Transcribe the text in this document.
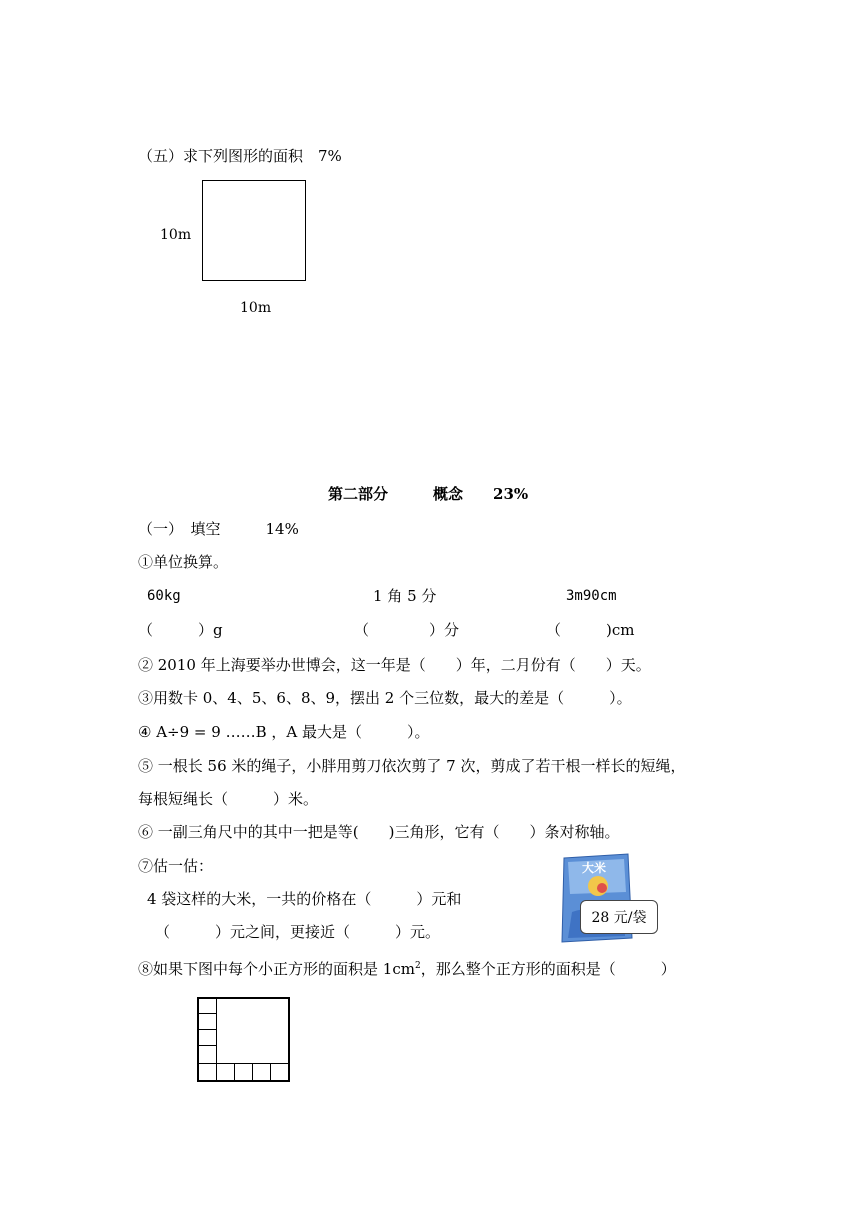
（五）求下列图形的面积　7%
10m
10m
第二部分　　　概念　　23%
（一）　填空　　　14%
①单位换算。
60kg	1 角 5 分	3m90cm
（　　　）g	（　　　　）分	（　　　)cm
② 2010 年上海要举办世博会，这一年是（　　）年，二月份有（　　）天。
③用数卡 0、4、5、6、8、9，摆出 2 个三位数，最大的差是（　　　）。
④ A÷9 = 9 ……B ，A 最大是（　　　）。
⑤ 一根长 56 米的绳子，小胖用剪刀依次剪了 7 次，剪成了若干根一样长的短绳，
每根短绳长（　　　）米。
⑥ 一副三角尺中的其中一把是等(　　)三角形，它有（　　）条对称轴。
⑦估一估：
4 袋这样的大米，一共的价格在（　　　）元和
（　　　）元之间，更接近（　　　）元。
大米
28 元/袋
⑧如果下图中每个小正方形的面积是 $1cm^2$，那么整个正方形的面积是（　　　）
